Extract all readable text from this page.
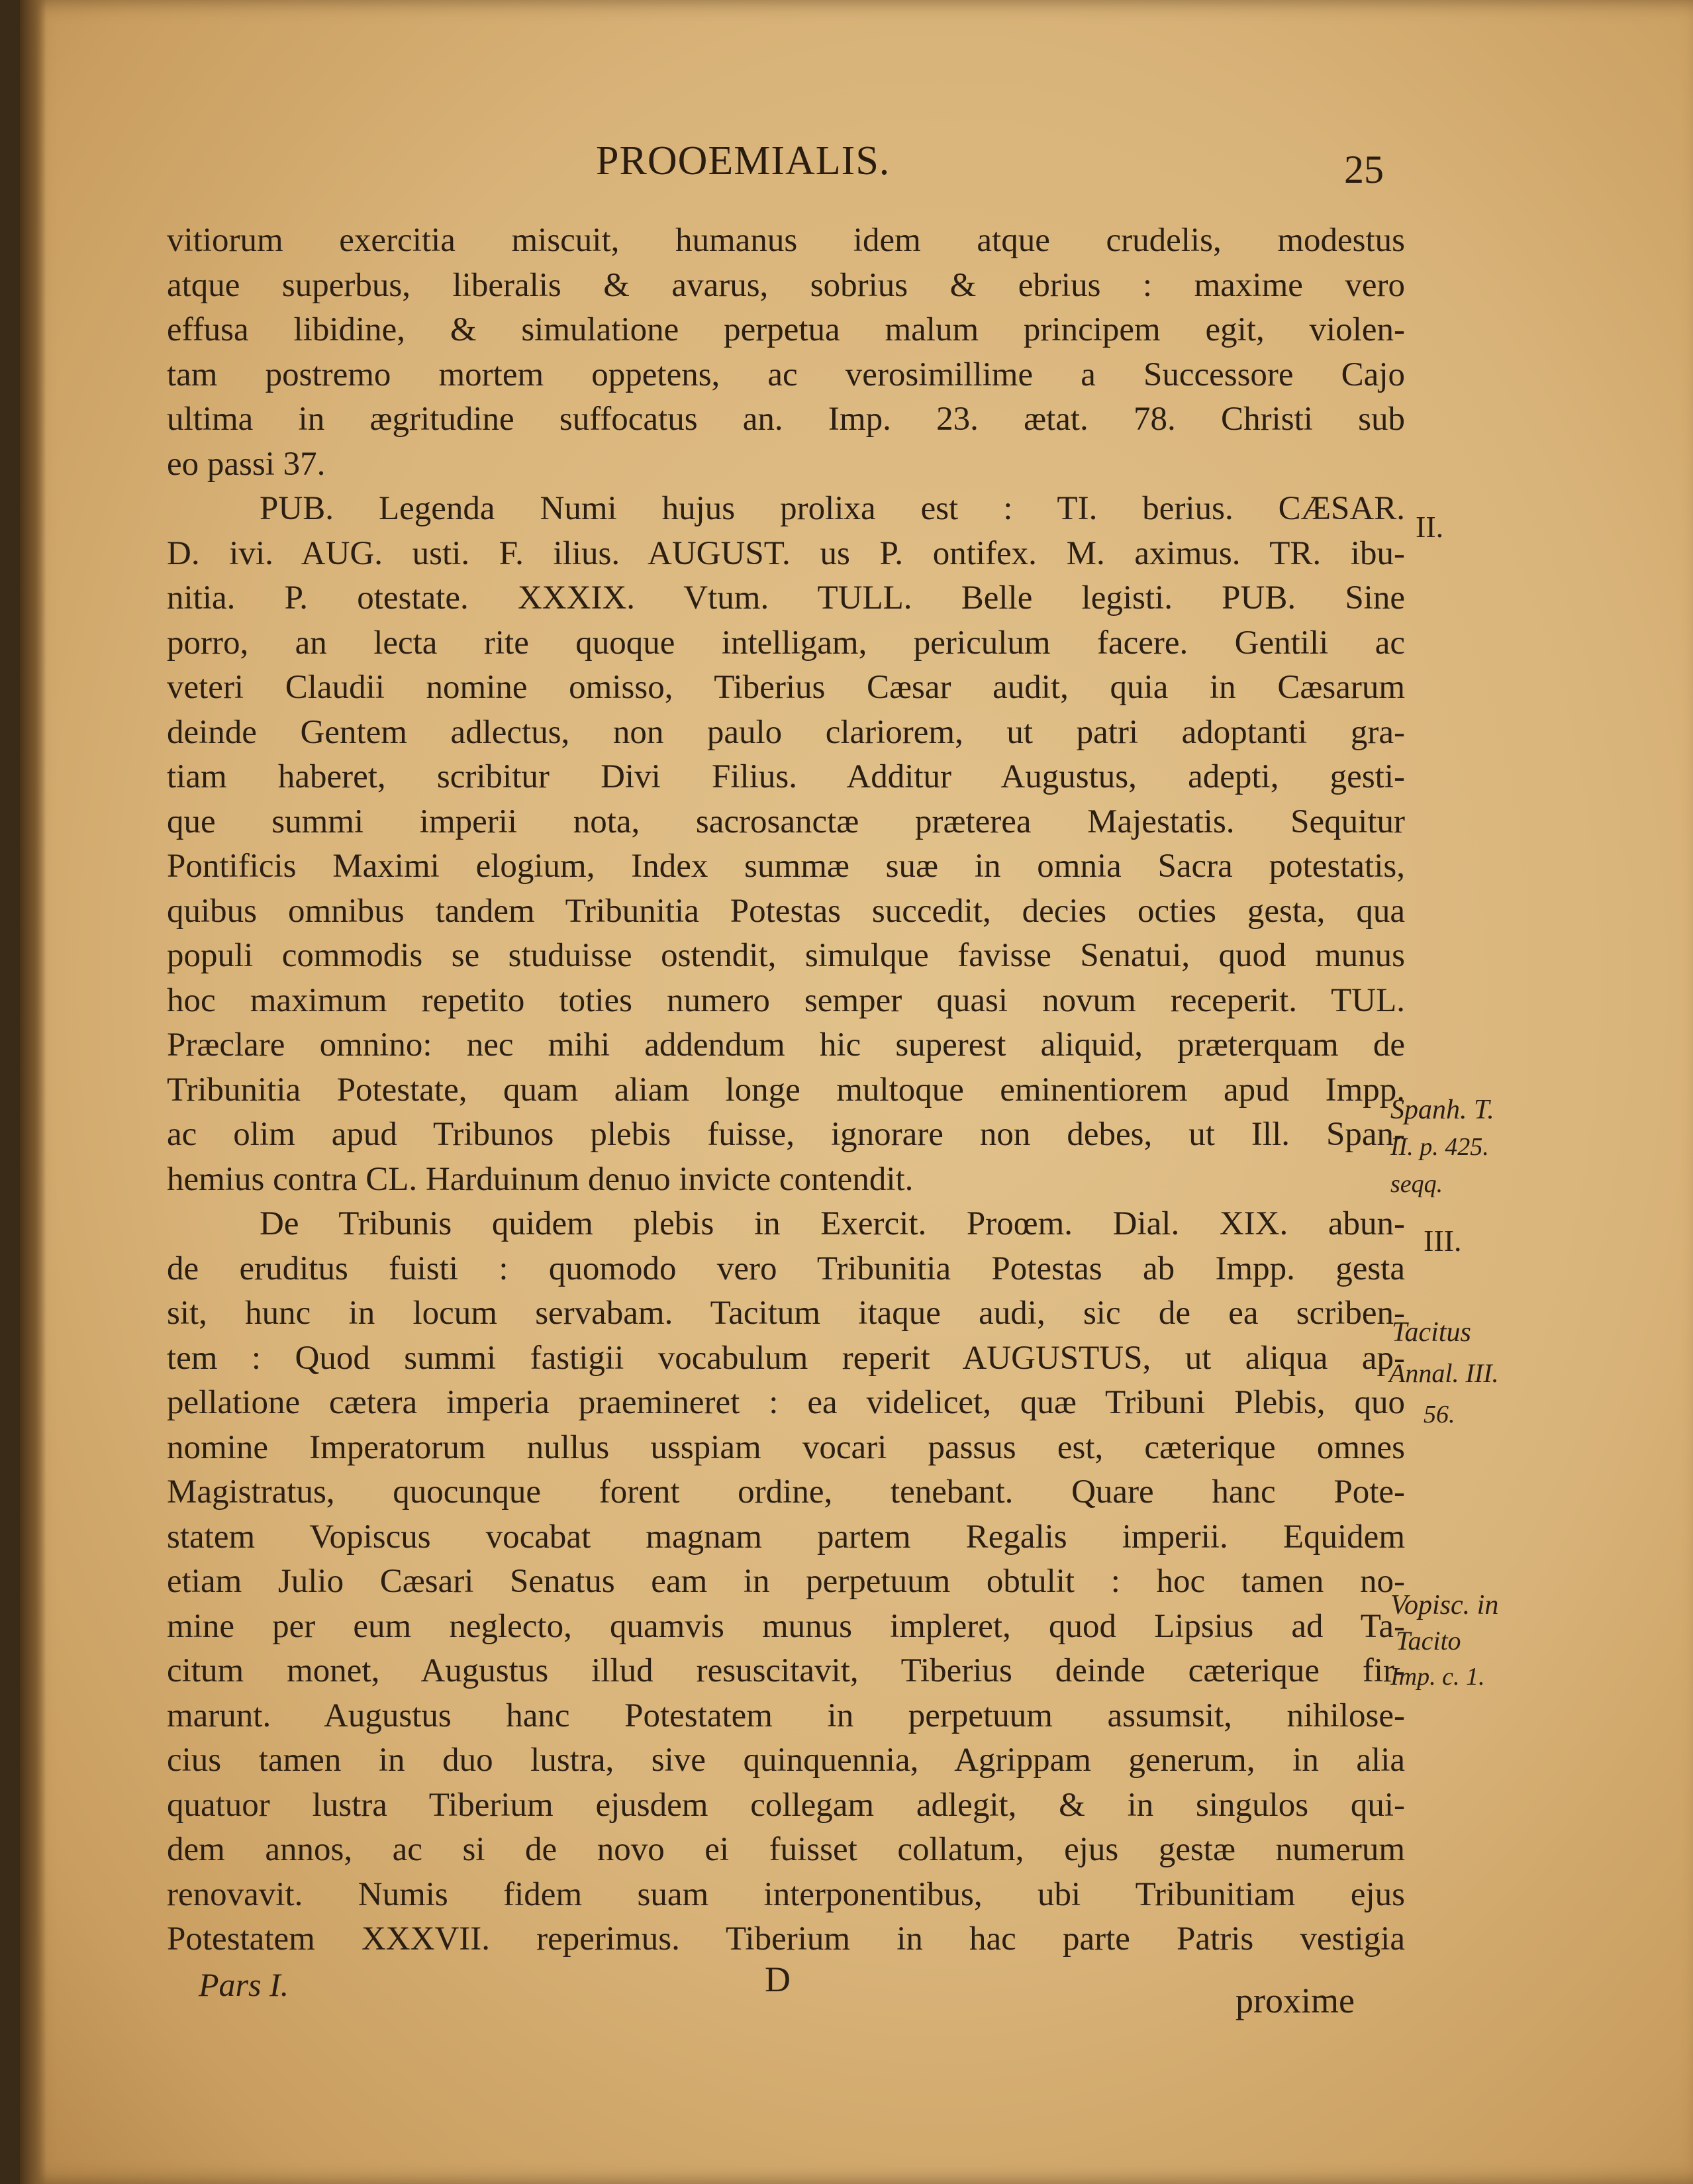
PROOEMIALIS.	25
vitiorum exercitia miscuit, humanus idem atque crudelis, modestus
atque superbus, liberalis & avarus, sobrius & ebrius : maxime vero
effusa libidine, & simulatione perpetua malum principem egit, violen-
tam postremo mortem oppetens, ac verosimillime a Successore Cajo
ultima in ægritudine suffocatus an. Imp. 23. ætat. 78. Christi sub
eo passi 37.
PUB. Legenda Numi hujus prolixa est : TI. berius. CÆSAR.
D. ivi. AUG. usti. F. ilius. AUGUST. us P. ontifex. M. aximus. TR. ibu-
nitia. P. otestate. XXXIX. Vtum. TULL. Belle legisti. PUB. Sine
porro, an lecta rite quoque intelligam, periculum facere. Gentili ac
veteri Claudii nomine omisso, Tiberius Cæsar audit, quia in Cæsarum
deinde Gentem adlectus, non paulo clariorem, ut patri adoptanti gra-
tiam haberet, scribitur Divi Filius. Additur Augustus, adepti, gesti-
que summi imperii nota, sacrosanctæ præterea Majestatis. Sequitur
Pontificis Maximi elogium, Index summæ suæ in omnia Sacra potestatis,
quibus omnibus tandem Tribunitia Potestas succedit, decies octies gesta, qua
populi commodis se studuisse ostendit, simulque favisse Senatui, quod munus
hoc maximum repetito toties numero semper quasi novum receperit. TUL.
Præclare omnino: nec mihi addendum hic superest aliquid, præterquam de
Tribunitia Potestate, quam aliam longe multoque eminentiorem apud Impp.
ac olim apud Tribunos plebis fuisse, ignorare non debes, ut Ill. Span-
hemius contra CL. Harduinum denuo invicte contendit.
De Tribunis quidem plebis in Exercit. Proœm. Dial. XIX. abun-
de eruditus fuisti : quomodo vero Tribunitia Potestas ab Impp. gesta
sit, hunc in locum servabam. Tacitum itaque audi, sic de ea scriben-
tem : Quod summi fastigii vocabulum reperit AUGUSTUS, ut aliqua ap-
pellatione cætera imperia praemineret : ea videlicet, quæ Tribuni Plebis, quo
nomine Imperatorum nullus usspiam vocari passus est, cæterique omnes
Magistratus, quocunque forent ordine, tenebant. Quare hanc Pote-
statem Vopiscus vocabat magnam partem Regalis imperii. Equidem
etiam Julio Cæsari Senatus eam in perpetuum obtulit : hoc tamen no-
mine per eum neglecto, quamvis munus impleret, quod Lipsius ad Ta-
citum monet, Augustus illud resuscitavit, Tiberius deinde cæterique fir-
marunt. Augustus hanc Potestatem in perpetuum assumsit, nihilose-
cius tamen in duo lustra, sive quinquennia, Agrippam generum, in alia
quatuor lustra Tiberium ejusdem collegam adlegit, & in singulos qui-
dem annos, ac si de novo ei fuisset collatum, ejus gestæ numerum
renovavit. Numis fidem suam interponentibus, ubi Tribunitiam ejus
Potestatem XXXVII. reperimus. Tiberium in hac parte Patris vestigia
II.
Spanh. T.
II. p. 425.
seqq.
III.
Tacitus
Annal. III.
56.
Vopisc. in
Tacito
Imp. c. 1.
Pars I.	D
proxime
